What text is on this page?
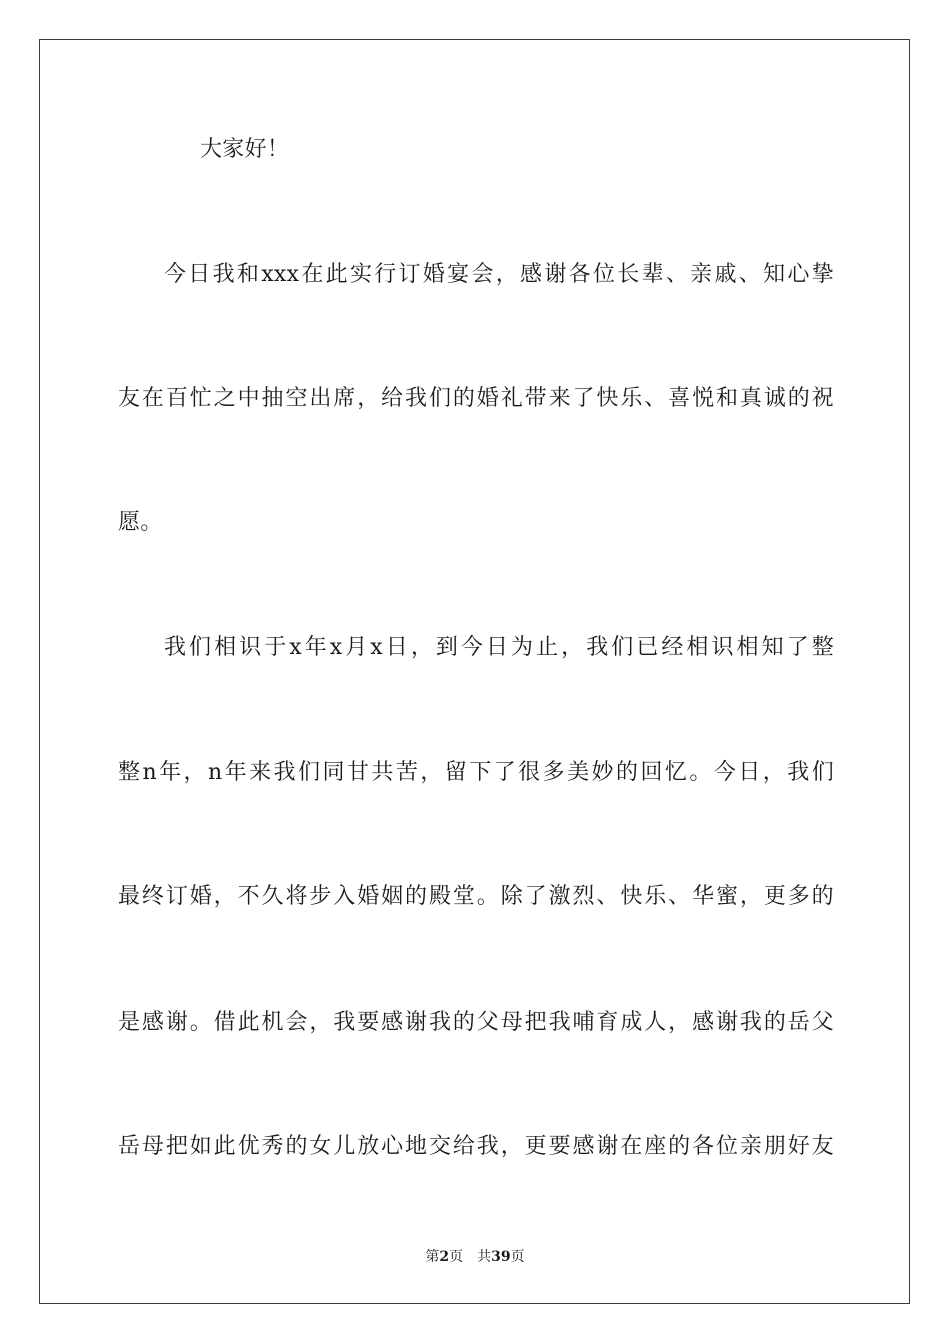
大家好！
今日我和xxx在此实行订婚宴会，感谢各位长辈、亲戚、知心挚
友在百忙之中抽空出席，给我们的婚礼带来了快乐、喜悦和真诚的祝
愿。
我们相识于x年x月x日，到今日为止，我们已经相识相知了整
整n年，n年来我们同甘共苦，留下了很多美妙的回忆。今日，我们
最终订婚，不久将步入婚姻的殿堂。除了激烈、快乐、华蜜，更多的
是感谢。借此机会，我要感谢我的父母把我哺育成人，感谢我的岳父
岳母把如此优秀的女儿放心地交给我，更要感谢在座的各位亲朋好友
第2页 共39页
